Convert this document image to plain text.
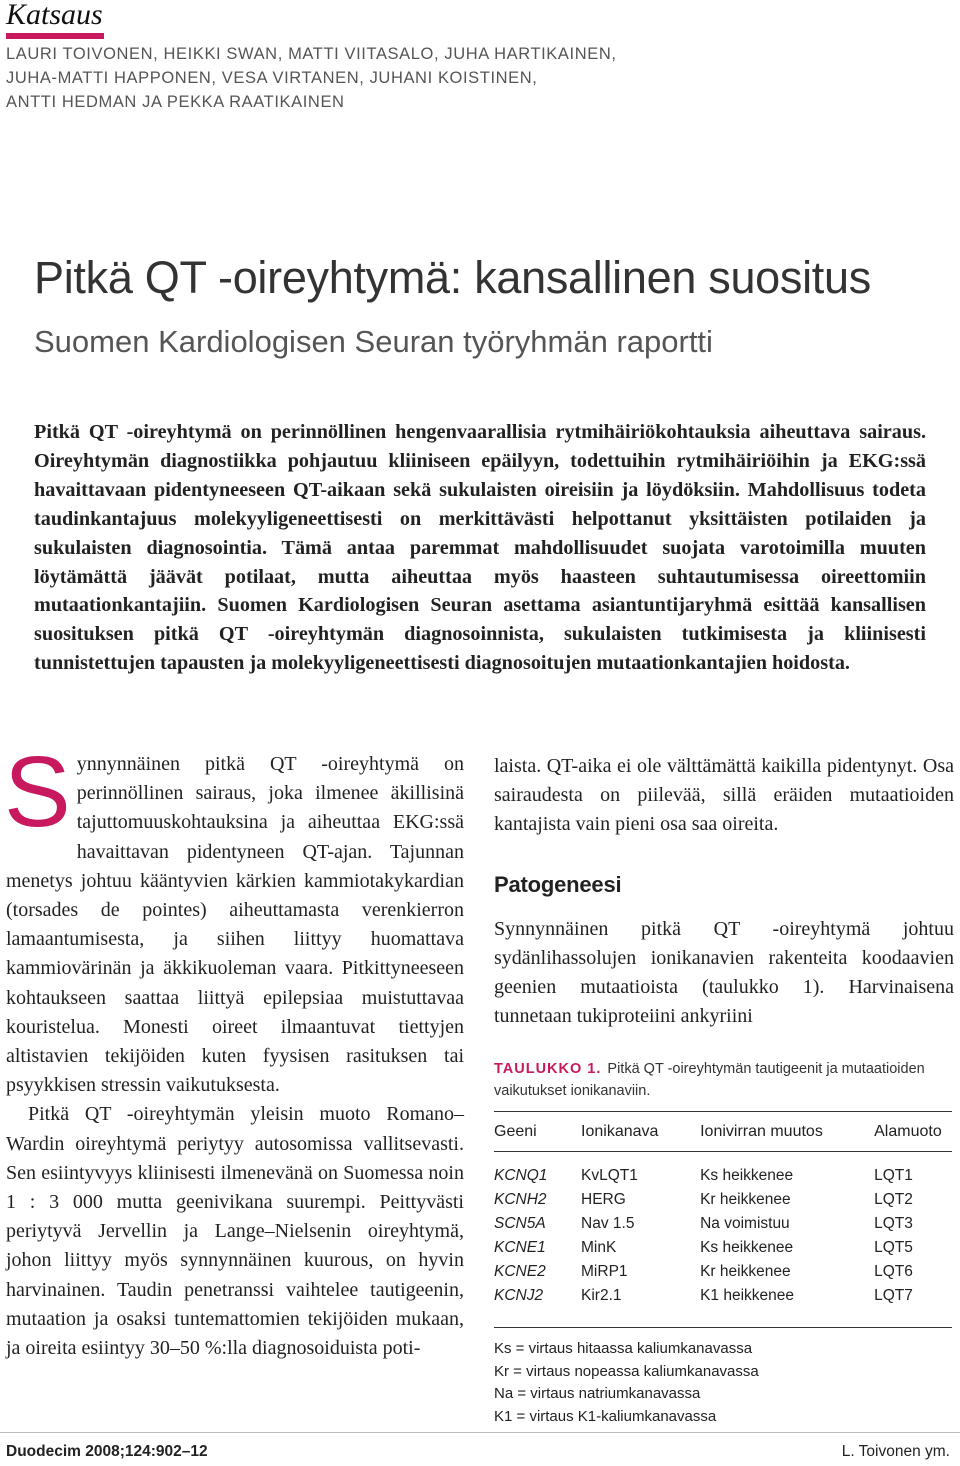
Katsaus
LAURI TOIVONEN, HEIKKI SWAN, MATTI VIITASALO, JUHA HARTIKAINEN,
JUHA-MATTI HAPPONEN, VESA VIRTANEN, JUHANI KOISTINEN,
ANTTI HEDMAN JA PEKKA RAATIKAINEN
Pitkä QT -oireyhtymä: kansallinen suositus
Suomen Kardiologisen Seuran työryhmän raportti
Pitkä QT -oireyhtymä on perinnöllinen hengenvaarallisia rytmihäiriökohtauksia aiheuttava sairaus. Oireyhtymän diagnostiikka pohjautuu kliiniseen epäilyyn, todettuihin rytmihäiriöihin ja EKG:ssä havaittavaan pidentyneeseen QT-aikaan sekä sukulaisten oireisiin ja löydöksiin. Mahdollisuus todeta taudinkantajuus molekyyligeneettisesti on merkittävästi helpottanut yksittäisten potilaiden ja sukulaisten diagnosointia. Tämä antaa paremmat mahdollisuudet suojata varotoimilla muuten löytämättä jäävät potilaat, mutta aiheuttaa myös haasteen suhtautumisessa oireettomiin mutaationkantajiin. Suomen Kardiologisen Seuran asettama asiantuntijaryhmä esittää kansallisen suosituksen pitkä QT -oireyhtymän diagnosoinnista, sukulaisten tutkimisesta ja kliinisesti tunnistettujen tapausten ja molekyyligeneettisesti diagnosoitujen mutaationkantajien hoidosta.
S ynnynnäinen pitkä QT -oireyhtymä on perinnöllinen sairaus, joka ilmenee äkillisinä tajuttomuuskohtauksina ja aiheuttaa EKG:ssä havaittavan pidentyneen QT-ajan. Tajunnan menetys johtuu kääntyvien kärkien kammiotakykardian (torsades de pointes) aiheuttamasta verenkierron lamaantumisesta, ja siihen liittyy huomattava kammiovärinän ja äkkikuoleman vaara. Pitkittyneeseen kohtaukseen saattaa liittyä epilepsiaa muistuttavaa kouristelua. Monesti oireet ilmaantuvat tiettyjen altistavien tekijöiden kuten fyysisen rasituksen tai psyykkisen stressin vaikutuksesta.

Pitkä QT -oireyhtymän yleisin muoto Romano–Wardin oireyhtymä periytyy autosomissa vallitsevasti. Sen esiintyvyys kliinisesti ilmenevänä on Suomessa noin 1 : 3 000 mutta geenivikana suurempi. Peittyvästi periytyvä Jervellin ja Lange–Nielsenin oireyhtymä, johon liittyy myös synnynnäinen kuurous, on hyvin harvinainen. Taudin penetranssi vaihtelee tautigeenin, mutaation ja osaksi tuntemattomien tekijöiden mukaan, ja oireita esiintyy 30–50 %:lla diagnosoiduista poti-

laista. QT-aika ei ole välttämättä kaikilla pidentynyt. Osa sairaudesta on piilevää, sillä eräiden mutaatioiden kantajista vain pieni osa saa oireita.

Patogeneesi

Synnynnäinen pitkä QT -oireyhtymä johtuu sydänlihassolujen ionikanavien rakenteita koodaavien geenien mutaatioista (taulukko 1). Harvinaisena tunnetaan tukiproteiini ankyriini

TAULUKKO 1. Pitkä QT -oireyhtymän tautigeenit ja mutaatioiden vaikutukset ionikanaviin.
Geeni	Ionikanava	Ionivirran muutos	Alamuoto
KCNQ1	KvLQT1	Ks heikkenee	LQT1
KCNH2	HERG	Kr heikkenee	LQT2
SCN5A	Nav 1.5	Na voimistuu	LQT3
KCNE1	MinK	Ks heikkenee	LQT5
KCNE2	MiRP1	Kr heikkenee	LQT6
KCNJ2	Kir2.1	K1 heikkenee	LQT7
Ks = virtaus hitaassa kaliumkanavassa
Kr = virtaus nopeassa kaliumkanavassa
Na = virtaus natriumkanavassa
K1 = virtaus K1-kaliumkanavassa
Duodecim 2008;124:902–12	L. Toivonen ym.
